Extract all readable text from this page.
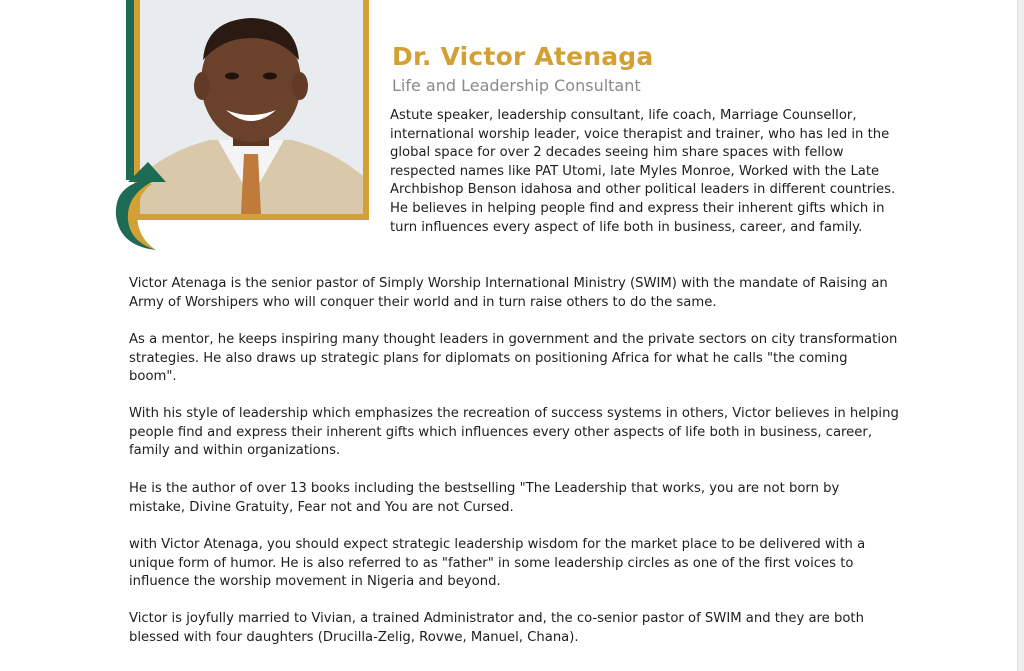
Dr. Victor Atenaga
Life and Leadership Consultant
Astute speaker, leadership consultant, life coach, Marriage Counsellor, international worship leader, voice therapist and trainer, who has led in the global space for over 2 decades seeing him share spaces with fellow respected names like PAT Utomi, late Myles Monroe, Worked with the Late Archbishop Benson idahosa and other political leaders in different countries. He believes in helping people find and express their inherent gifts which in turn influences every aspect of life both in business, career, and family.
Victor Atenaga is the senior pastor of Simply Worship International Ministry (SWIM) with the mandate of Raising an Army of Worshipers who will conquer their world and in turn raise others to do the same.
As a mentor, he keeps inspiring many thought leaders in government and the private sectors on city transformation strategies. He also draws up strategic plans for diplomats on positioning Africa for what he calls "the coming boom".
With his style of leadership which emphasizes the recreation of success systems in others, Victor believes in helping people find and express their inherent gifts which influences every other aspects of life both in business, career, family and within organizations.
He is the author of over 13 books including the bestselling "The Leadership that works, you are not born by mistake, Divine Gratuity, Fear not and You are not Cursed.
with Victor Atenaga, you should expect strategic leadership wisdom for the market place to be delivered with a unique form of humor. He is also referred to as "father" in some leadership circles as one of the first voices to influence the worship movement in Nigeria and beyond.
Victor is joyfully married to Vivian, a trained Administrator and, the co-senior pastor of SWIM and they are both blessed with four daughters (Drucilla-Zelig, Rovwe, Manuel, Chana).
